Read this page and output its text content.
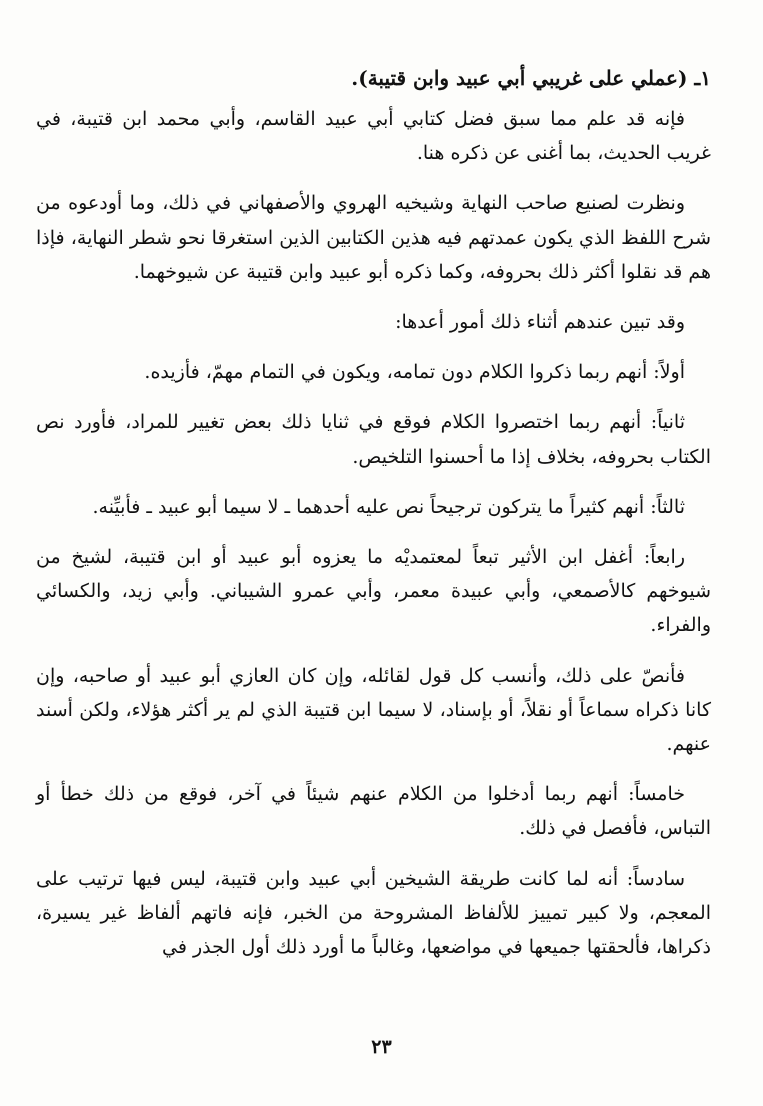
١ـ (عملي على غريبي أبي عبيد وابن قتيبة).

فإنه قد علم مما سبق فضل كتابي أبي عبيد القاسم، وأبي محمد ابن قتيبة، في غريب الحديث، بما أغنى عن ذكره هنا.

ونظرت لصنيع صاحب النهاية وشيخيه الهروي والأصفهاني في ذلك، وما أودعوه من شرح اللفظ الذي يكون عمدتهم فيه هذين الكتابين الذين استغرقا نحو شطر النهاية، فإذا هم قد نقلوا أكثر ذلك بحروفه، وكما ذكره أبو عبيد وابن قتيبة عن شيوخهما.

وقد تبين عندهم أثناء ذلك أمور أعدها:

أولاً: أنهم ربما ذكروا الكلام دون تمامه، ويكون في التمام مهمّ، فأزيده.

ثانياً: أنهم ربما اختصروا الكلام فوقع في ثنايا ذلك بعض تغيير للمراد، فأورد نص الكتاب بحروفه، بخلاف إذا ما أحسنوا التلخيص.

ثالثاً: أنهم كثيراً ما يتركون ترجيحاً نص عليه أحدهما ـ لا سيما أبو عبيد ـ فأبيِّنه.

رابعاً: أغفل ابن الأثير تبعاً لمعتمديْه ما يعزوه أبو عبيد أو ابن قتيبة، لشيخ من شيوخهم كالأصمعي، وأبي عبيدة معمر، وأبي عمرو الشيباني. وأبي زيد، والكسائي والفراء.

فأنصّ على ذلك، وأنسب كل قول لقائله، وإن كان العازي أبو عبيد أو صاحبه، وإن كانا ذكراه سماعاً أو نقلاً، أو بإسناد، لا سيما ابن قتيبة الذي لم ير أكثر هؤلاء، ولكن أسند عنهم.

خامساً: أنهم ربما أدخلوا من الكلام عنهم شيئاً في آخر، فوقع من ذلك خطأ أو التباس، فأفصل في ذلك.

سادساً: أنه لما كانت طريقة الشيخين أبي عبيد وابن قتيبة، ليس فيها ترتيب على المعجم، ولا كبير تمييز للألفاظ المشروحة من الخبر، فإنه فاتهم ألفاظ غير يسيرة، ذكراها، فألحقتها جميعها في مواضعها، وغالباً ما أورد ذلك أول الجذر في

٢٣
